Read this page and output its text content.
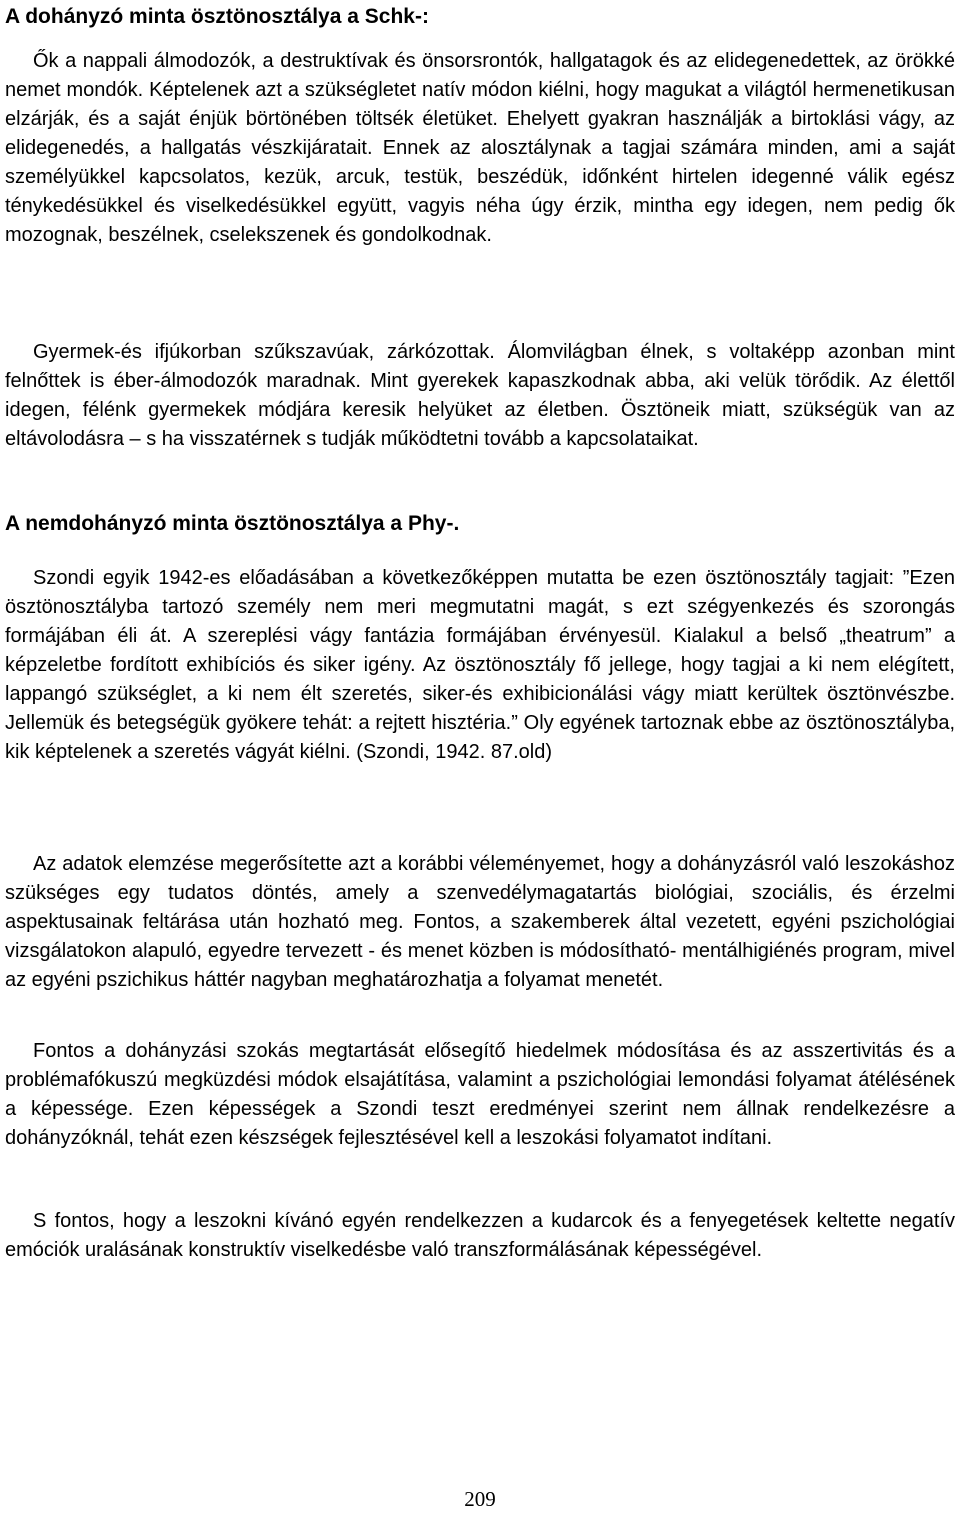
A dohányzó minta ösztönosztálya a Schk-:

Ők a nappali álmodozók, a destruktívak és önsorsrontók, hallgatagok és az elidegenedettek, az örökké nemet mondók. Képtelenek azt a szükségletet natív módon kiélni, hogy magukat a világtól hermenetikusan elzárják, és a saját énjük börtönében töltsék életüket. Ehelyett gyakran használják a birtoklási vágy, az elidegenedés, a hallgatás vészkijáratait. Ennek az alosztálynak a tagjai számára minden, ami a saját személyükkel kapcsolatos, kezük, arcuk, testük, beszédük, időnként hirtelen idegenné válik egész ténykedésükkel és viselkedésükkel együtt, vagyis néha úgy érzik, mintha egy idegen, nem pedig ők mozognak, beszélnek, cselekszenek és gondolkodnak.

Gyermek-és ifjúkorban szűkszavúak, zárkózottak. Álomvilágban élnek, s voltaképp azonban mint felnőttek is éber-álmodozók maradnak. Mint gyerekek kapaszkodnak abba, aki velük törődik. Az élettől idegen, félénk gyermekek módjára keresik helyüket az életben. Ösztöneik miatt, szükségük van az eltávolodásra – s ha visszatérnek s tudják működtetni tovább a kapcsolataikat.

A nemdohányzó minta ösztönosztálya a Phy-.

Szondi egyik 1942-es előadásában a következőképpen mutatta be ezen ösztönosztály tagjait: ”Ezen ösztönosztályba tartozó személy nem meri megmutatni magát, s ezt szégyenkezés és szorongás formájában éli át. A szereplési vágy fantázia formájában érvényesül. Kialakul a belső „theatrum” a képzeletbe fordított exhibíciós és siker igény. Az ösztönosztály fő jellege, hogy tagjai a ki nem elégített, lappangó szükséglet, a ki nem élt szeretés, siker-és exhibicionálási vágy miatt kerültek ösztönvészbe. Jellemük és betegségük gyökere tehát: a rejtett hisztéria.” Oly egyének tartoznak ebbe az ösztönosztályba, kik képtelenek a szeretés vágyát kiélni. (Szondi, 1942. 87.old)

Az adatok elemzése megerősítette azt a korábbi véleményemet, hogy a dohányzásról való leszokáshoz szükséges egy tudatos döntés, amely a szenvedélymagatartás biológiai, szociális, és érzelmi aspektusainak feltárása után hozható meg. Fontos, a szakemberek által vezetett, egyéni pszichológiai vizsgálatokon alapuló, egyedre tervezett - és menet közben is módosítható- mentálhigiénés program, mivel az egyéni pszichikus háttér nagyban meghatározhatja a folyamat menetét.

Fontos a dohányzási szokás megtartását elősegítő hiedelmek módosítása és az asszertivitás és a problémafókuszú megküzdési módok elsajátítása, valamint a pszichológiai lemondási folyamat átélésének a képessége. Ezen képességek a Szondi teszt eredményei szerint nem állnak rendelkezésre a dohányzóknál, tehát ezen készségek fejlesztésével kell a leszokási folyamatot indítani.

S fontos, hogy a leszokni kívánó egyén rendelkezzen a kudarcok és a fenyegetések keltette negatív emóciók uralásának konstruktív viselkedésbe való transzformálásának képességével.

209
